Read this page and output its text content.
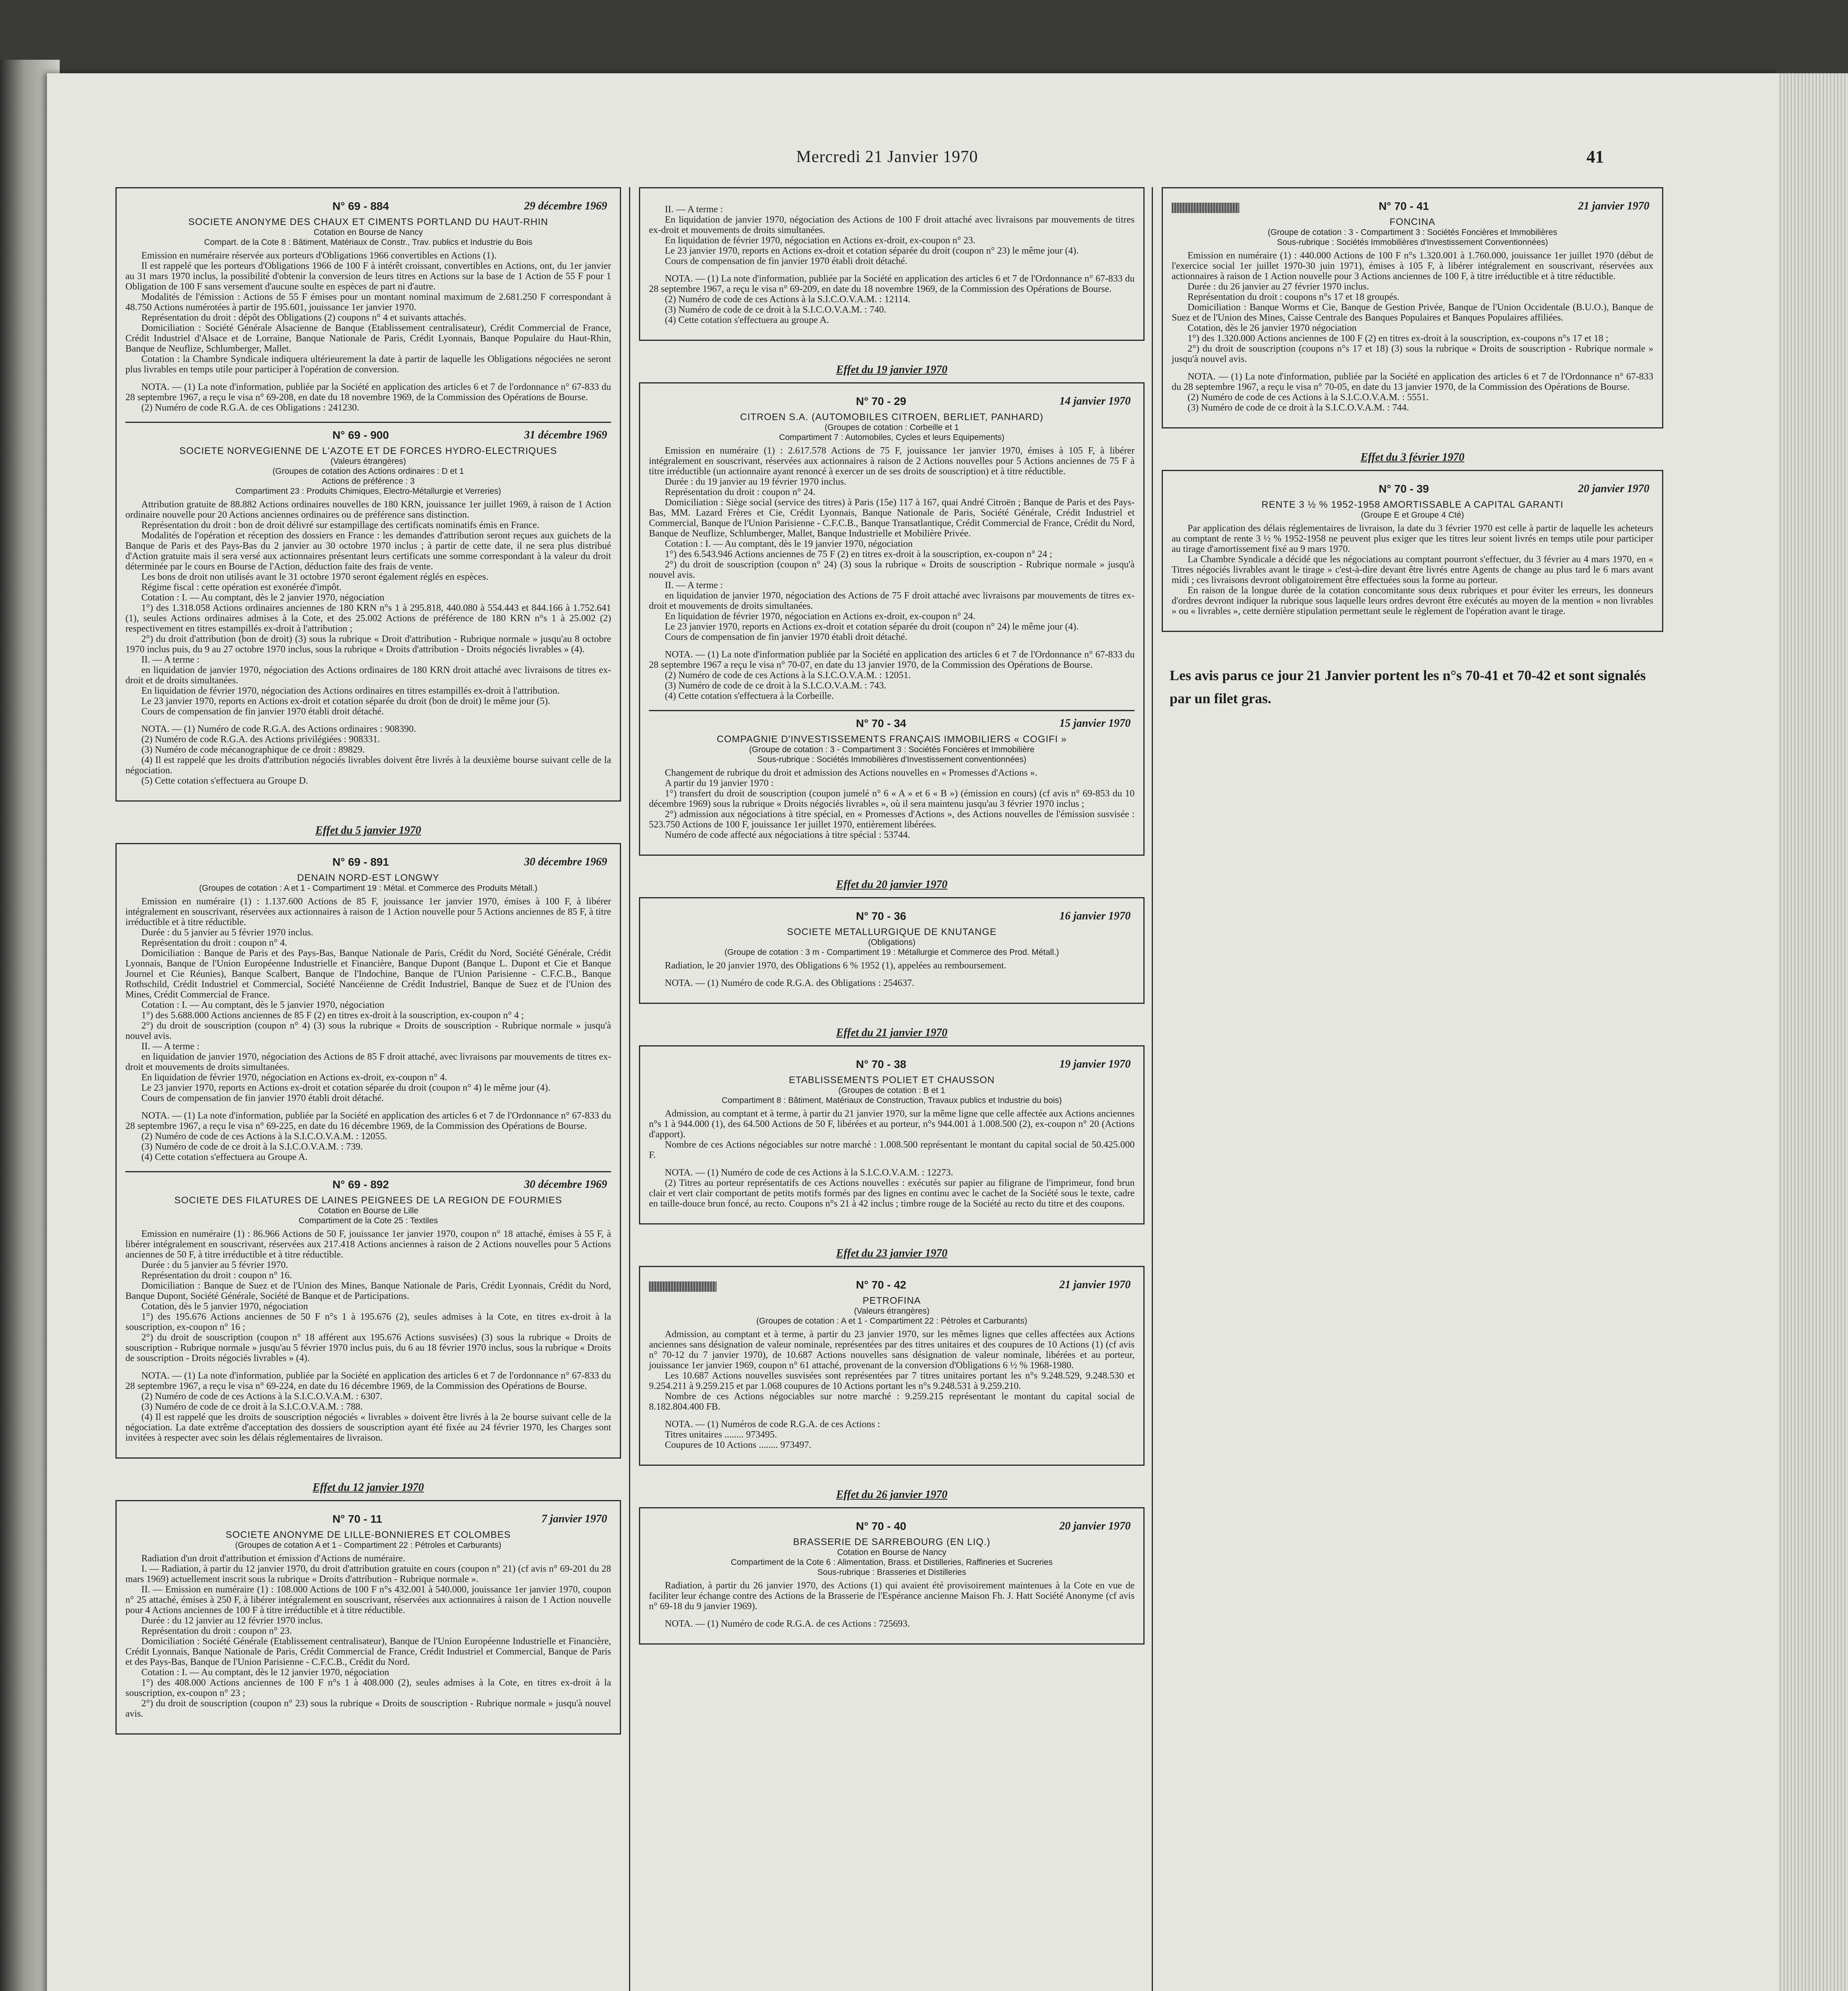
Mercredi 21 Janvier 1970	41
N° 69 - 884	29 décembre 1969
SOCIETE ANONYME DES CHAUX ET CIMENTS PORTLAND DU HAUT-RHIN
Cotation en Bourse de Nancy
Compart. de la Cote 8 : Bâtiment, Matériaux de Constr., Trav. publics et Industrie du Bois

Emission en numéraire réservée aux porteurs d'Obligations 1966 convertibles en Actions (1).

Il est rappelé que les porteurs d'Obligations 1966 de 100 F à intérêt croissant, convertibles en Actions, ont, du 1er janvier au 31 mars 1970 inclus, la possibilité d'obtenir la conversion de leurs titres en Actions sur la base de 1 Action de 55 F pour 1 Obligation de 100 F sans versement d'aucune soulte en espèces de part ni d'autre.

Modalités de l'émission : Actions de 55 F émises pour un montant nominal maximum de 2.681.250 F correspondant à 48.750 Actions numérotées à partir de 195.601, jouissance 1er janvier 1970.

Représentation du droit : dépôt des Obligations (2) coupons n° 4 et suivants attachés.

Domiciliation : Société Générale Alsacienne de Banque (Etablissement centralisateur), Crédit Commercial de France, Crédit Industriel d'Alsace et de Lorraine, Banque Nationale de Paris, Crédit Lyonnais, Banque Populaire du Haut-Rhin, Banque de Neuflize, Schlumberger, Mallet.

Cotation : la Chambre Syndicale indiquera ultérieurement la date à partir de laquelle les Obligations négociées ne seront plus livrables en temps utile pour participer à l'opération de conversion.

NOTA. — (1) La note d'information, publiée par la Société en application des articles 6 et 7 de l'ordonnance n° 67-833 du 28 septembre 1967, a reçu le visa n° 69-208, en date du 18 novembre 1969, de la Commission des Opérations de Bourse.

(2) Numéro de code R.G.A. de ces Obligations : 241230.

N° 69 - 900	31 décembre 1969
SOCIETE NORVEGIENNE DE L'AZOTE ET DE FORCES HYDRO-ELECTRIQUES
(Valeurs étrangères)
(Groupes de cotation des Actions ordinaires : D et 1
Actions de préférence : 3
Compartiment 23 : Produits Chimiques, Electro-Métallurgie et Verreries)

Attribution gratuite de 88.882 Actions ordinaires nouvelles de 180 KRN, jouissance 1er juillet 1969, à raison de 1 Action ordinaire nouvelle pour 20 Actions anciennes ordinaires ou de préférence sans distinction.

Représentation du droit : bon de droit délivré sur estampillage des certificats nominatifs émis en France.

Modalités de l'opération et réception des dossiers en France : les demandes d'attribution seront reçues aux guichets de la Banque de Paris et des Pays-Bas du 2 janvier au 30 octobre 1970 inclus ; à partir de cette date, il ne sera plus distribué d'Action gratuite mais il sera versé aux actionnaires présentant leurs certificats une somme correspondant à la valeur du droit déterminée par le cours en Bourse de l'Action, déduction faite des frais de vente.

Les bons de droit non utilisés avant le 31 octobre 1970 seront également réglés en espèces.

Régime fiscal : cette opération est exonérée d'impôt.

Cotation : I. — Au comptant, dès le 2 janvier 1970, négociation

1°) des 1.318.058 Actions ordinaires anciennes de 180 KRN n°s 1 à 295.818, 440.080 à 554.443 et 844.166 à 1.752.641 (1), seules Actions ordinaires admises à la Cote, et des 25.002 Actions de préférence de 180 KRN n°s 1 à 25.002 (2) respectivement en titres estampillés ex-droit à l'attribution ;

2°) du droit d'attribution (bon de droit) (3) sous la rubrique « Droit d'attribution - Rubrique normale » jusqu'au 8 octobre 1970 inclus puis, du 9 au 27 octobre 1970 inclus, sous la rubrique « Droits d'attribution - Droits négociés livrables » (4).

II. — A terme :

en liquidation de janvier 1970, négociation des Actions ordinaires de 180 KRN droit attaché avec livraisons de titres ex-droit et de droits simultanées.

En liquidation de février 1970, négociation des Actions ordinaires en titres estampillés ex-droit à l'attribution.

Le 23 janvier 1970, reports en Actions ex-droit et cotation séparée du droit (bon de droit) le même jour (5).

Cours de compensation de fin janvier 1970 établi droit détaché.

NOTA. — (1) Numéro de code R.G.A. des Actions ordinaires : 908390.

(2) Numéro de code R.G.A. des Actions privilégiées : 908331.

(3) Numéro de code mécanographique de ce droit : 89829.

(4) Il est rappelé que les droits d'attribution négociés livrables doivent être livrés à la deuxième bourse suivant celle de la négociation.

(5) Cette cotation s'effectuera au Groupe D.

Effet du 5 janvier 1970
N° 69 - 891	30 décembre 1969
DENAIN NORD-EST LONGWY
(Groupes de cotation : A et 1 - Compartiment 19 : Métal. et Commerce des Produits Métall.)

Emission en numéraire (1) : 1.137.600 Actions de 85 F, jouissance 1er janvier 1970, émises à 100 F, à libérer intégralement en souscrivant, réservées aux actionnaires à raison de 1 Action nouvelle pour 5 Actions anciennes de 85 F, à titre irréductible et à titre réductible.

Durée : du 5 janvier au 5 février 1970 inclus.

Représentation du droit : coupon n° 4.

Domiciliation : Banque de Paris et des Pays-Bas, Banque Nationale de Paris, Crédit du Nord, Société Générale, Crédit Lyonnais, Banque de l'Union Européenne Industrielle et Financière, Banque Dupont (Banque L. Dupont et Cie et Banque Journel et Cie Réunies), Banque Scalbert, Banque de l'Indochine, Banque de l'Union Parisienne - C.F.C.B., Banque Rothschild, Crédit Industriel et Commercial, Société Nancéienne de Crédit Industriel, Banque de Suez et de l'Union des Mines, Crédit Commercial de France.

Cotation : I. — Au comptant, dès le 5 janvier 1970, négociation

1°) des 5.688.000 Actions anciennes de 85 F (2) en titres ex-droit à la souscription, ex-coupon n° 4 ;

2°) du droit de souscription (coupon n° 4) (3) sous la rubrique « Droits de souscription - Rubrique normale » jusqu'à nouvel avis.

II. — A terme :

en liquidation de janvier 1970, négociation des Actions de 85 F droit attaché, avec livraisons par mouvements de titres ex-droit et mouvements de droits simultanées.

En liquidation de février 1970, négociation en Actions ex-droit, ex-coupon n° 4.

Le 23 janvier 1970, reports en Actions ex-droit et cotation séparée du droit (coupon n° 4) le même jour (4).

Cours de compensation de fin janvier 1970 établi droit détaché.

NOTA. — (1) La note d'information, publiée par la Société en application des articles 6 et 7 de l'Ordonnance n° 67-833 du 28 septembre 1967, a reçu le visa n° 69-225, en date du 16 décembre 1969, de la Commission des Opérations de Bourse.

(2) Numéro de code de ces Actions à la S.I.C.O.V.A.M. : 12055.

(3) Numéro de code de ce droit à la S.I.C.O.V.A.M. : 739.

(4) Cette cotation s'effectuera au Groupe A.

N° 69 - 892	30 décembre 1969
SOCIETE DES FILATURES DE LAINES PEIGNEES DE LA REGION DE FOURMIES
Cotation en Bourse de Lille
Compartiment de la Cote 25 : Textiles

Emission en numéraire (1) : 86.966 Actions de 50 F, jouissance 1er janvier 1970, coupon n° 18 attaché, émises à 55 F, à libérer intégralement en souscrivant, réservées aux 217.418 Actions anciennes à raison de 2 Actions nouvelles pour 5 Actions anciennes de 50 F, à titre irréductible et à titre réductible.

Durée : du 5 janvier au 5 février 1970.

Représentation du droit : coupon n° 16.

Domiciliation : Banque de Suez et de l'Union des Mines, Banque Nationale de Paris, Crédit Lyonnais, Crédit du Nord, Banque Dupont, Société Générale, Société de Banque et de Participations.

Cotation, dès le 5 janvier 1970, négociation

1°) des 195.676 Actions anciennes de 50 F n°s 1 à 195.676 (2), seules admises à la Cote, en titres ex-droit à la souscription, ex-coupon n° 16 ;

2°) du droit de souscription (coupon n° 18 afférent aux 195.676 Actions susvisées) (3) sous la rubrique « Droits de souscription - Rubrique normale » jusqu'au 5 février 1970 inclus puis, du 6 au 18 février 1970 inclus, sous la rubrique « Droits de souscription - Droits négociés livrables » (4).

NOTA. — (1) La note d'information, publiée par la Société en application des articles 6 et 7 de l'ordonnance n° 67-833 du 28 septembre 1967, a reçu le visa n° 69-224, en date du 16 décembre 1969, de la Commission des Opérations de Bourse.

(2) Numéro de code de ces Actions à la S.I.C.O.V.A.M. : 6307.

(3) Numéro de code de ce droit à la S.I.C.O.V.A.M. : 788.

(4) Il est rappelé que les droits de souscription négociés « livrables » doivent être livrés à la 2e bourse suivant celle de la négociation. La date extrême d'acceptation des dossiers de souscription ayant été fixée au 24 février 1970, les Charges sont invitées à respecter avec soin les délais réglementaires de livraison.

Effet du 12 janvier 1970
N° 70 - 11	7 janvier 1970
SOCIETE ANONYME DE LILLE-BONNIERES ET COLOMBES
(Groupes de cotation A et 1 - Compartiment 22 : Pétroles et Carburants)

Radiation d'un droit d'attribution et émission d'Actions de numéraire.

I. — Radiation, à partir du 12 janvier 1970, du droit d'attribution gratuite en cours (coupon n° 21) (cf avis n° 69-201 du 28 mars 1969) actuellement inscrit sous la rubrique « Droits d'attribution - Rubrique normale ».

II. — Emission en numéraire (1) : 108.000 Actions de 100 F n°s 432.001 à 540.000, jouissance 1er janvier 1970, coupon n° 25 attaché, émises à 250 F, à libérer intégralement en souscrivant, réservées aux actionnaires à raison de 1 Action nouvelle pour 4 Actions anciennes de 100 F à titre irréductible et à titre réductible.

Durée : du 12 janvier au 12 février 1970 inclus.

Représentation du droit : coupon n° 23.

Domiciliation : Société Générale (Etablissement centralisateur), Banque de l'Union Européenne Industrielle et Financière, Crédit Lyonnais, Banque Nationale de Paris, Crédit Commercial de France, Crédit Industriel et Commercial, Banque de Paris et des Pays-Bas, Banque de l'Union Parisienne - C.F.C.B., Crédit du Nord.

Cotation : I. — Au comptant, dès le 12 janvier 1970, négociation

1°) des 408.000 Actions anciennes de 100 F n°s 1 à 408.000 (2), seules admises à la Cote, en titres ex-droit à la souscription, ex-coupon n° 23 ;

2°) du droit de souscription (coupon n° 23) sous la rubrique « Droits de souscription - Rubrique normale » jusqu'à nouvel avis.

II. — A terme :

En liquidation de janvier 1970, négociation des Actions de 100 F droit attaché avec livraisons par mouvements de titres ex-droit et mouvements de droits simultanées.

En liquidation de février 1970, négociation en Actions ex-droit, ex-coupon n° 23.

Le 23 janvier 1970, reports en Actions ex-droit et cotation séparée du droit (coupon n° 23) le même jour (4).

Cours de compensation de fin janvier 1970 établi droit détaché.

NOTA. — (1) La note d'information, publiée par la Société en application des articles 6 et 7 de l'Ordonnance n° 67-833 du 28 septembre 1967, a reçu le visa n° 69-209, en date du 18 novembre 1969, de la Commission des Opérations de Bourse.

(2) Numéro de code de ces Actions à la S.I.C.O.V.A.M. : 12114.

(3) Numéro de code de ce droit à la S.I.C.O.V.A.M. : 740.

(4) Cette cotation s'effectuera au groupe A.

Effet du 19 janvier 1970
N° 70 - 29	14 janvier 1970
CITROEN S.A. (AUTOMOBILES CITROEN, BERLIET, PANHARD)
(Groupes de cotation : Corbeille et 1
Compartiment 7 : Automobiles, Cycles et leurs Equipements)

Emission en numéraire (1) : 2.617.578 Actions de 75 F, jouissance 1er janvier 1970, émises à 105 F, à libérer intégralement en souscrivant, réservées aux actionnaires à raison de 2 Actions nouvelles pour 5 Actions anciennes de 75 F à titre irréductible (un actionnaire ayant renoncé à exercer un de ses droits de souscription) et à titre réductible.

Durée : du 19 janvier au 19 février 1970 inclus.

Représentation du droit : coupon n° 24.

Domiciliation : Siège social (service des titres) à Paris (15e) 117 à 167, quai André Citroën ; Banque de Paris et des Pays-Bas, MM. Lazard Frères et Cie, Crédit Lyonnais, Banque Nationale de Paris, Société Générale, Crédit Industriel et Commercial, Banque de l'Union Parisienne - C.F.C.B., Banque Transatlantique, Crédit Commercial de France, Crédit du Nord, Banque de Neuflize, Schlumberger, Mallet, Banque Industrielle et Mobilière Privée.

Cotation : I. — Au comptant, dès le 19 janvier 1970, négociation

1°) des 6.543.946 Actions anciennes de 75 F (2) en titres ex-droit à la souscription, ex-coupon n° 24 ;

2°) du droit de souscription (coupon n° 24) (3) sous la rubrique « Droits de souscription - Rubrique normale » jusqu'à nouvel avis.

II. — A terme :

en liquidation de janvier 1970, négociation des Actions de 75 F droit attaché avec livraisons par mouvements de titres ex-droit et mouvements de droits simultanées.

En liquidation de février 1970, négociation en Actions ex-droit, ex-coupon n° 24.

Le 23 janvier 1970, reports en Actions ex-droit et cotation séparée du droit (coupon n° 24) le même jour (4).

Cours de compensation de fin janvier 1970 établi droit détaché.

NOTA. — (1) La note d'information publiée par la Société en application des articles 6 et 7 de l'Ordonnance n° 67-833 du 28 septembre 1967 a reçu le visa n° 70-07, en date du 13 janvier 1970, de la Commission des Opérations de Bourse.

(2) Numéro de code de ces Actions à la S.I.C.O.V.A.M. : 12051.

(3) Numéro de code de ce droit à la S.I.C.O.V.A.M. : 743.

(4) Cette cotation s'effectuera à la Corbeille.

N° 70 - 34	15 janvier 1970
COMPAGNIE D'INVESTISSEMENTS FRANÇAIS IMMOBILIERS « COGIFI »
(Groupe de cotation : 3 - Compartiment 3 : Sociétés Foncières et Immobilière
Sous-rubrique : Sociétés Immobilières d'Investissement conventionnées)

Changement de rubrique du droit et admission des Actions nouvelles en « Promesses d'Actions ».

A partir du 19 janvier 1970 :

1°) transfert du droit de souscription (coupon jumelé n° 6 « A » et 6 « B ») (émission en cours) (cf avis n° 69-853 du 10 décembre 1969) sous la rubrique « Droits négociés livrables », où il sera maintenu jusqu'au 3 février 1970 inclus ;

2°) admission aux négociations à titre spécial, en « Promesses d'Actions », des Actions nouvelles de l'émission susvisée : 523.750 Actions de 100 F, jouissance 1er juillet 1970, entièrement libérées.

Numéro de code affecté aux négociations à titre spécial : 53744.

Effet du 20 janvier 1970
N° 70 - 36	16 janvier 1970
SOCIETE METALLURGIQUE DE KNUTANGE
(Obligations)
(Groupe de cotation : 3 m - Compartiment 19 : Métallurgie et Commerce des Prod. Métall.)

Radiation, le 20 janvier 1970, des Obligations 6 % 1952 (1), appelées au remboursement.

NOTA. — (1) Numéro de code R.G.A. des Obligations : 254637.

Effet du 21 janvier 1970
N° 70 - 38	19 janvier 1970
ETABLISSEMENTS POLIET ET CHAUSSON
(Groupes de cotation : B et 1
Compartiment 8 : Bâtiment, Matériaux de Construction, Travaux publics et Industrie du bois)

Admission, au comptant et à terme, à partir du 21 janvier 1970, sur la même ligne que celle affectée aux Actions anciennes n°s 1 à 944.000 (1), des 64.500 Actions de 50 F, libérées et au porteur, n°s 944.001 à 1.008.500 (2), ex-coupon n° 20 (Actions d'apport).

Nombre de ces Actions négociables sur notre marché : 1.008.500 représentant le montant du capital social de 50.425.000 F.

NOTA. — (1) Numéro de code de ces Actions à la S.I.C.O.V.A.M. : 12273.

(2) Titres au porteur représentatifs de ces Actions nouvelles : exécutés sur papier au filigrane de l'imprimeur, fond brun clair et vert clair comportant de petits motifs formés par des lignes en continu avec le cachet de la Société sous le texte, cadre en taille-douce brun foncé, au recto. Coupons n°s 21 à 42 inclus ; timbre rouge de la Société au recto du titre et des coupons.

Effet du 23 janvier 1970
N° 70 - 42	21 janvier 1970
PETROFINA
(Valeurs étrangères)
(Groupes de cotation : A et 1 - Compartiment 22 : Pétroles et Carburants)

Admission, au comptant et à terme, à partir du 23 janvier 1970, sur les mêmes lignes que celles affectées aux Actions anciennes sans désignation de valeur nominale, représentées par des titres unitaires et des coupures de 10 Actions (1) (cf avis n° 70-12 du 7 janvier 1970), de 10.687 Actions nouvelles sans désignation de valeur nominale, libérées et au porteur, jouissance 1er janvier 1969, coupon n° 61 attaché, provenant de la conversion d'Obligations 6 ½ % 1968-1980.

Les 10.687 Actions nouvelles susvisées sont représentées par 7 titres unitaires portant les n°s 9.248.529, 9.248.530 et 9.254.211 à 9.259.215 et par 1.068 coupures de 10 Actions portant les n°s 9.248.531 à 9.259.210.

Nombre de ces Actions négociables sur notre marché : 9.259.215 représentant le montant du capital social de 8.182.804.400 FB.

NOTA. — (1) Numéros de code R.G.A. de ces Actions :

Titres unitaires ........ 973495.

Coupures de 10 Actions ........ 973497.

Effet du 26 janvier 1970
N° 70 - 40	20 janvier 1970
BRASSERIE DE SARREBOURG (EN LIQ.)
Cotation en Bourse de Nancy
Compartiment de la Cote 6 : Alimentation, Brass. et Distilleries, Raffineries et Sucreries
Sous-rubrique : Brasseries et Distilleries

Radiation, à partir du 26 janvier 1970, des Actions (1) qui avaient été provisoirement maintenues à la Cote en vue de faciliter leur échange contre des Actions de la Brasserie de l'Espérance ancienne Maison Fh. J. Hatt Société Anonyme (cf avis n° 69-18 du 9 janvier 1969).

NOTA. — (1) Numéro de code R.G.A. de ces Actions : 725693.

N° 70 - 41	21 janvier 1970
FONCINA
(Groupe de cotation : 3 - Compartiment 3 : Sociétés Foncières et Immobilières
Sous-rubrique : Sociétés Immobilières d'Investissement Conventionnées)

Emission en numéraire (1) : 440.000 Actions de 100 F n°s 1.320.001 à 1.760.000, jouissance 1er juillet 1970 (début de l'exercice social 1er juillet 1970-30 juin 1971), émises à 105 F, à libérer intégralement en souscrivant, réservées aux actionnaires à raison de 1 Action nouvelle pour 3 Actions anciennes de 100 F, à titre irréductible et à titre réductible.

Durée : du 26 janvier au 27 février 1970 inclus.

Représentation du droit : coupons n°s 17 et 18 groupés.

Domiciliation : Banque Worms et Cie, Banque de Gestion Privée, Banque de l'Union Occidentale (B.U.O.), Banque de Suez et de l'Union des Mines, Caisse Centrale des Banques Populaires et Banques Populaires affiliées.

Cotation, dès le 26 janvier 1970 négociation

1°) des 1.320.000 Actions anciennes de 100 F (2) en titres ex-droit à la souscription, ex-coupons n°s 17 et 18 ;

2°) du droit de souscription (coupons n°s 17 et 18) (3) sous la rubrique « Droits de souscription - Rubrique normale » jusqu'à nouvel avis.

NOTA. — (1) La note d'information, publiée par la Société en application des articles 6 et 7 de l'Ordonnance n° 67-833 du 28 septembre 1967, a reçu le visa n° 70-05, en date du 13 janvier 1970, de la Commission des Opérations de Bourse.

(2) Numéro de code de ces Actions à la S.I.C.O.V.A.M. : 5551.

(3) Numéro de code de ce droit à la S.I.C.O.V.A.M. : 744.

Effet du 3 février 1970
N° 70 - 39	20 janvier 1970
RENTE 3 ½ % 1952-1958 AMORTISSABLE A CAPITAL GARANTI
(Groupe E et Groupe 4 Cté)

Par application des délais réglementaires de livraison, la date du 3 février 1970 est celle à partir de laquelle les acheteurs au comptant de rente 3 ½ % 1952-1958 ne peuvent plus exiger que les titres leur soient livrés en temps utile pour participer au tirage d'amortissement fixé au 9 mars 1970.

La Chambre Syndicale a décidé que les négociations au comptant pourront s'effectuer, du 3 février au 4 mars 1970, en « Titres négociés livrables avant le tirage » c'est-à-dire devant être livrés entre Agents de change au plus tard le 6 mars avant midi ; ces livraisons devront obligatoirement être effectuées sous la forme au porteur.

En raison de la longue durée de la cotation concomitante sous deux rubriques et pour éviter les erreurs, les donneurs d'ordres devront indiquer la rubrique sous laquelle leurs ordres devront être exécutés au moyen de la mention « non livrables » ou « livrables », cette dernière stipulation permettant seule le règlement de l'opération avant le tirage.

Les avis parus ce jour 21 Janvier portent les n°s 70-41 et 70-42 et sont signalés par un filet gras.
